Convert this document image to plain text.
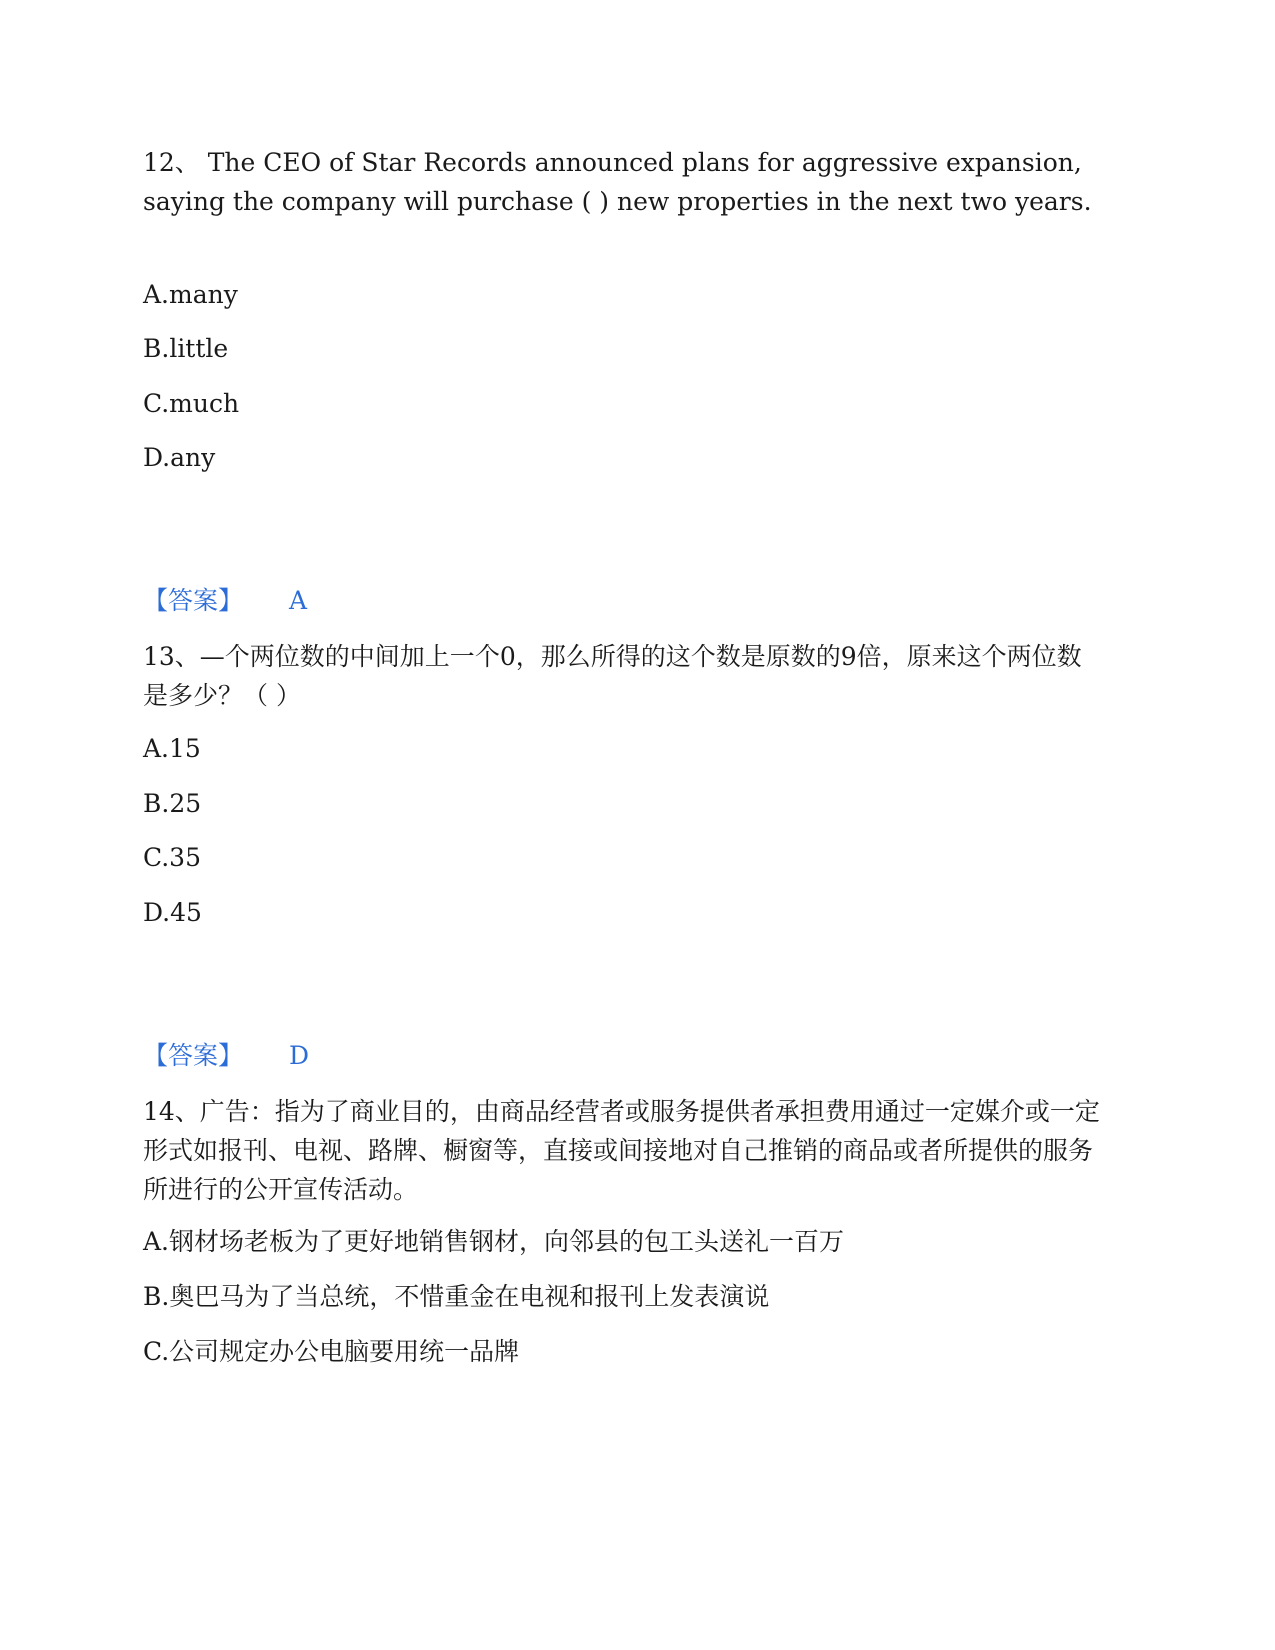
12、 The CEO of Star Records announced plans for aggressive expansion, saying the company will purchase ( ) new properties in the next two years.

A.many

B.little

C.much

D.any

【答案】 A

13、—个两位数的中间加上一个0，那么所得的这个数是原数的9倍，原来这个两位数是多少？（ ）

A.15

B.25

C.35

D.45

【答案】 D

14、广告：指为了商业目的，由商品经营者或服务提供者承担费用通过一定媒介或一定形式如报刊、电视、路牌、橱窗等，直接或间接地对自己推销的商品或者所提供的服务所进行的公开宣传活动。

A.钢材场老板为了更好地销售钢材，向邻县的包工头送礼一百万

B.奥巴马为了当总统，不惜重金在电视和报刊上发表演说

C.公司规定办公电脑要用统一品牌
